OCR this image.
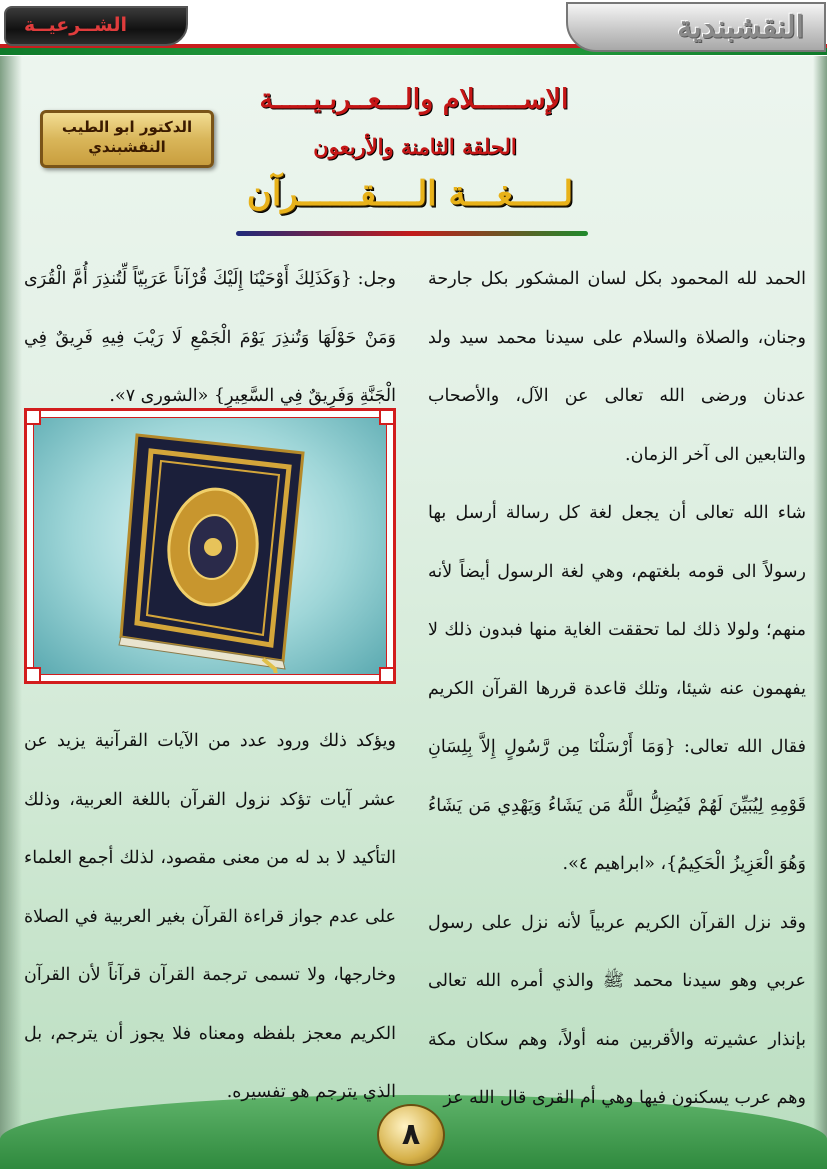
الشــرعيــة	النقشبندية
الدكتور ابو الطيب
النقشبندي
الإســــــلام والـــعــربـيـــــة
الحلقة الثامنة والأربعون
لـــــغـــة الــــقــــــرآن

الحمد لله المحمود بكل لسان المشكور بكل جارحة وجنان، والصلاة والسلام على سيدنا محمد سيد ولد عدنان ورضى الله تعالى عن الآل، والأصحاب والتابعين الى آخر الزمان.

شاء الله تعالى أن يجعل لغة كل رسالة أرسل بها رسولاً الى قومه بلغتهم، وهي لغة الرسول أيضاً لأنه منهم؛ ولولا ذلك لما تحققت الغاية منها فبدون ذلك لا يفهمون عنه شيئا، وتلك قاعدة قررها القرآن الكريم فقال الله تعالى: {وَمَا أَرْسَلْنَا مِن رَّسُولٍ إِلاَّ بِلِسَانِ قَوْمِهِ لِيُبَيِّنَ لَهُمْ فَيُضِلُّ اللَّهُ مَن يَشَاءُ وَيَهْدِي مَن يَشَاءُ وَهُوَ الْعَزِيزُ الْحَكِيمُ}، «ابراهيم ٤».

وقد نزل القرآن الكريم عربياً لأنه نزل على رسول عربي وهو سيدنا محمد ﷺ والذي أمره الله تعالى بإنذار عشيرته والأقربين منه أولاً، وهم سكان مكة وهم عرب يسكنون فيها وهي أم القرى قال الله عز

وجل: {وَكَذَلِكَ أَوْحَيْنَا إِلَيْكَ قُرْآناً عَرَبِيّاً لِّتُنذِرَ أُمَّ الْقُرَى وَمَنْ حَوْلَهَا وَتُنذِرَ يَوْمَ الْجَمْعِ لَا رَيْبَ فِيهِ فَرِيقٌ فِي الْجَنَّةِ وَفَرِيقٌ فِي السَّعِيرِ} «الشورى ٧».

ويؤكد ذلك ورود عدد من الآيات القرآنية يزيد عن عشر آيات تؤكد نزول القرآن باللغة العربية، وذلك التأكيد لا بد له من معنى مقصود، لذلك أجمع العلماء على عدم جواز قراءة القرآن بغير العربية في الصلاة وخارجها، ولا تسمى ترجمة القرآن قرآناً لأن القرآن الكريم معجز بلفظه ومعناه فلا يجوز أن يترجم، بل الذي يترجم هو تفسيره.

٨
